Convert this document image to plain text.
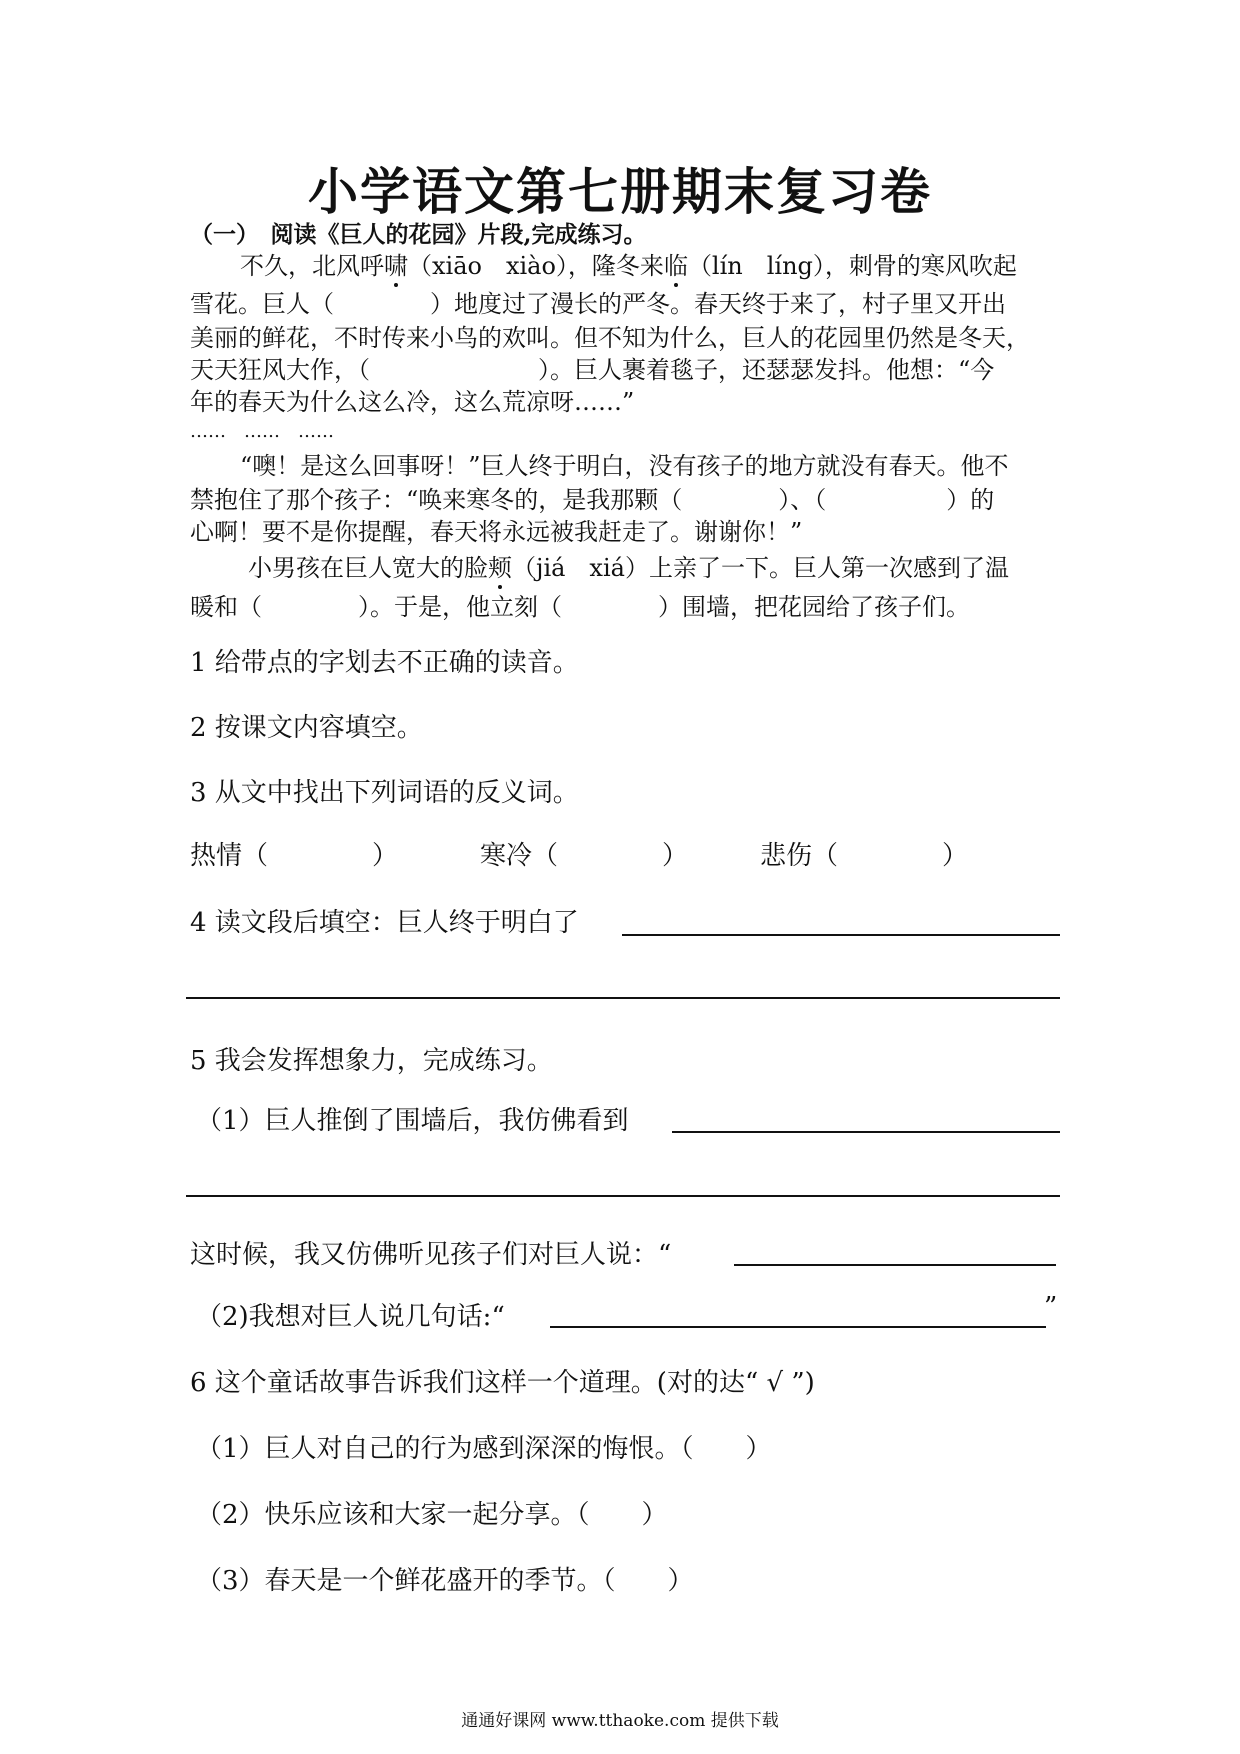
小学语文第七册期末复习卷
（一）　阅读《巨人的花园》片段,完成练习。
不久，北风呼啸（xiāo　xiào），隆冬来临（lín　líng），刺骨的寒风吹起
雪花。巨人（　　　　）地度过了漫长的严冬。春天终于来了，村子里又开出
美丽的鲜花，不时传来小鸟的欢叫。但不知为什么，巨人的花园里仍然是冬天，
天天狂风大作，（　　　　　　　）。巨人裹着毯子，还瑟瑟发抖。他想：“今
年的春天为什么这么冷，这么荒凉呀……”
……　……　……
“噢！是这么回事呀！”巨人终于明白，没有孩子的地方就没有春天。他不
禁抱住了那个孩子：“唤来寒冬的，是我那颗（　　　　）、（　　　　　）的
心啊！要不是你提醒，春天将永远被我赶走了。谢谢你！”
小男孩在巨人宽大的脸颊（jiá　xiá）上亲了一下。巨人第一次感到了温
暖和（　　　　）。于是，他立刻（　　　　）围墙，把花园给了孩子们。
1 给带点的字划去不正确的读音。
2 按课文内容填空。
3 从文中找出下列词语的反义词。
热情（　　　　）	寒冷（　　　　）	悲伤（　　　　）
4 读文段后填空：巨人终于明白了
5 我会发挥想象力，完成练习。
（1）巨人推倒了围墙后，我仿佛看到
这时候，我又仿佛听见孩子们对巨人说：“
（2)我想对巨人说几句话:“	”
6 这个童话故事告诉我们这样一个道理。(对的达“ √ ”)
（1）巨人对自己的行为感到深深的悔恨。（　　）
（2）快乐应该和大家一起分享。（　　）
（3）春天是一个鲜花盛开的季节。（　　）
通通好课网 www.tthaoke.com 提供下载
